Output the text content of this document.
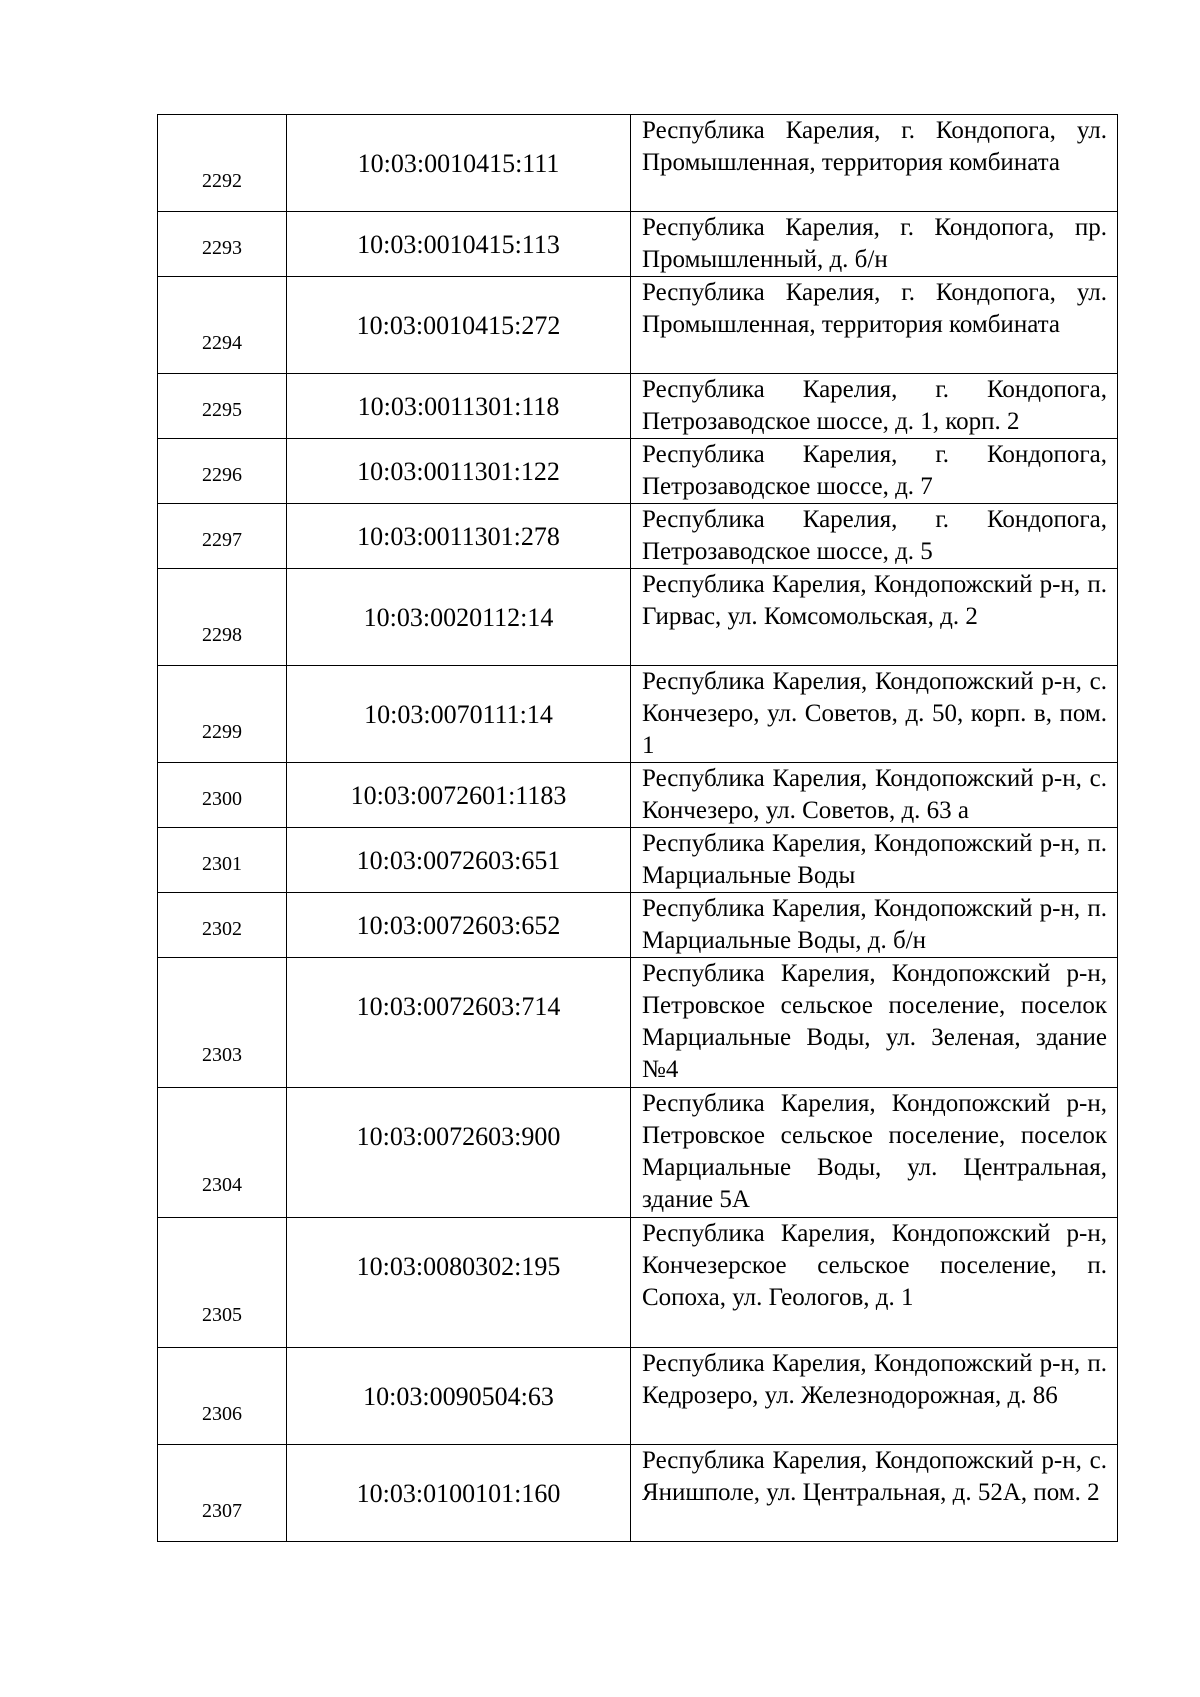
2292	10:03:0010415:111	Республика Карелия, г. Кондопога, ул. Промышленная, территория комбината

2293	10:03:0010415:113	Республика Карелия, г. Кондопога, пр. Промышленный, д. б/н

2294	10:03:0010415:272	Республика Карелия, г. Кондопога, ул. Промышленная, территория комбината

2295	10:03:0011301:118	Республика Карелия, г. Кондопога, Петрозаводское шоссе, д. 1, корп. 2

2296	10:03:0011301:122	Республика Карелия, г. Кондопога, Петрозаводское шоссе, д. 7

2297	10:03:0011301:278	Республика Карелия, г. Кондопога, Петрозаводское шоссе, д. 5

2298	10:03:0020112:14	Республика Карелия, Кондопожский р-н, п. Гирвас, ул. Комсомольская, д. 2

2299	10:03:0070111:14	Республика Карелия, Кондопожский р-н, с. Кончезеро, ул. Советов, д. 50, корп. в, пом. 1

2300	10:03:0072601:1183	Республика Карелия, Кондопожский р-н, с. Кончезеро, ул. Советов, д. 63 а

2301	10:03:0072603:651	Республика Карелия, Кондопожский р-н, п. Марциальные Воды

2302	10:03:0072603:652	Республика Карелия, Кондопожский р-н, п. Марциальные Воды, д. б/н

2303	10:03:0072603:714	Республика Карелия, Кондопожский р-н, Петровское сельское поселение, поселок Марциальные Воды, ул. Зеленая, здание №4

2304	10:03:0072603:900	Республика Карелия, Кондопожский р-н, Петровское сельское поселение, поселок Марциальные Воды, ул. Центральная, здание 5А

2305	10:03:0080302:195	Республика Карелия, Кондопожский р-н, Кончезерское сельское поселение, п. Сопоха, ул. Геологов, д. 1

2306	10:03:0090504:63	Республика Карелия, Кондопожский р-н, п. Кедрозеро, ул. Железнодорожная, д. 86

2307	10:03:0100101:160	Республика Карелия, Кондопожский р-н, с. Янишполе, ул. Центральная, д. 52А, пом. 2
